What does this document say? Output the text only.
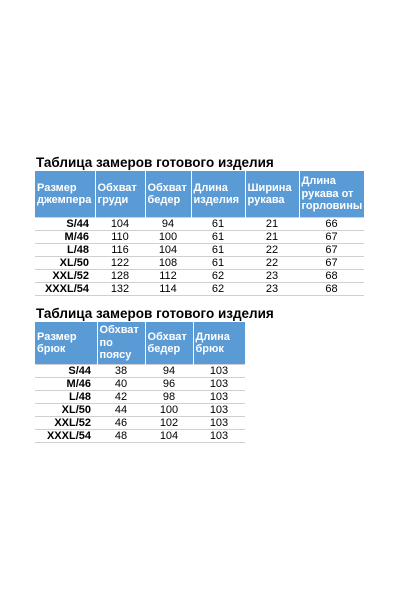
Таблица замеров готового изделия
Размер джемпера	Обхват груди	Обхват бедер	Длина изделия	Ширина рукава	Длина рукава от горловины
S/44	104	94	61	21	66
M/46	110	100	61	21	67
L/48	116	104	61	22	67
XL/50	122	108	61	22	67
XXL/52	128	112	62	23	68
XXXL/54	132	114	62	23	68
Таблица замеров готового изделия
Размер брюк	Обхват по поясу	Обхват бедер	Длина брюк
S/44	38	94	103
M/46	40	96	103
L/48	42	98	103
XL/50	44	100	103
XXL/52	46	102	103
XXXL/54	48	104	103
